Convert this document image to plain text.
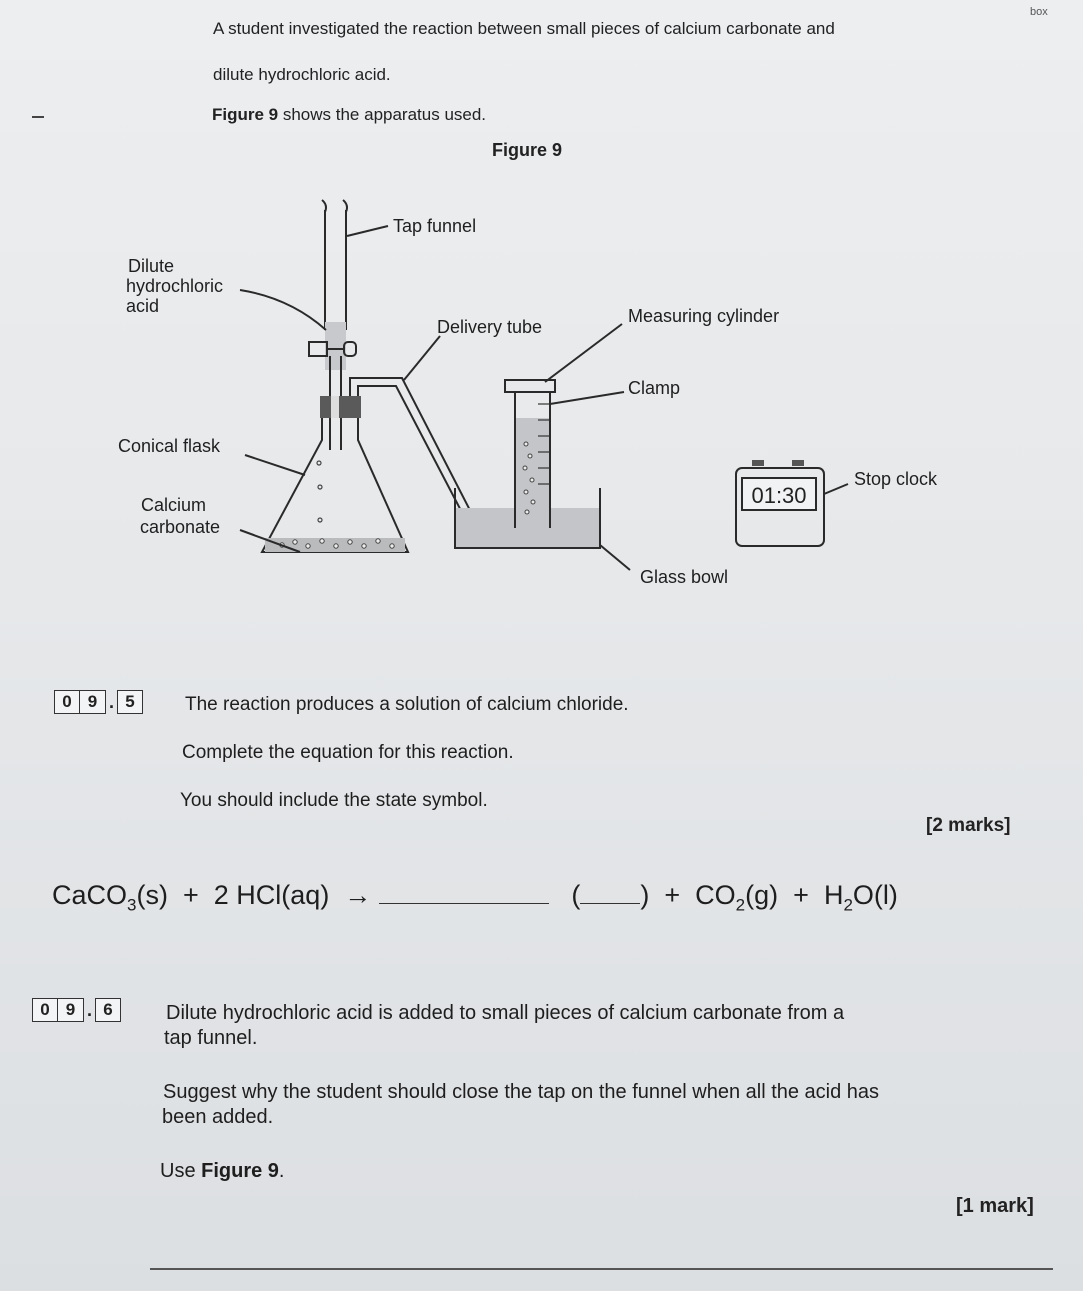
box
A student investigated the reaction between small pieces of calcium carbonate and
dilute hydrochloric acid.
Figure 9 shows the apparatus used.
Figure 9
01:30
Tap funnel
Dilute
hydrochloric
acid
Delivery tube
Measuring cylinder
Clamp
Conical flask
Calcium
carbonate
Stop clock
Glass bowl
0 9 . 5	The reaction produces a solution of calcium chloride.
Complete the equation for this reaction.
You should include the state symbol.
[2 marks]
CaCO$_3$(s) + 2 HCl(aq) →	( ) + $CO_2(g) + H_2O(l)$
0 9 . 6	Dilute hydrochloric acid is added to small pieces of calcium carbonate from a
tap funnel.
Suggest why the student should close the tap on the funnel when all the acid has
been added.
Use Figure 9.
[1 mark]
